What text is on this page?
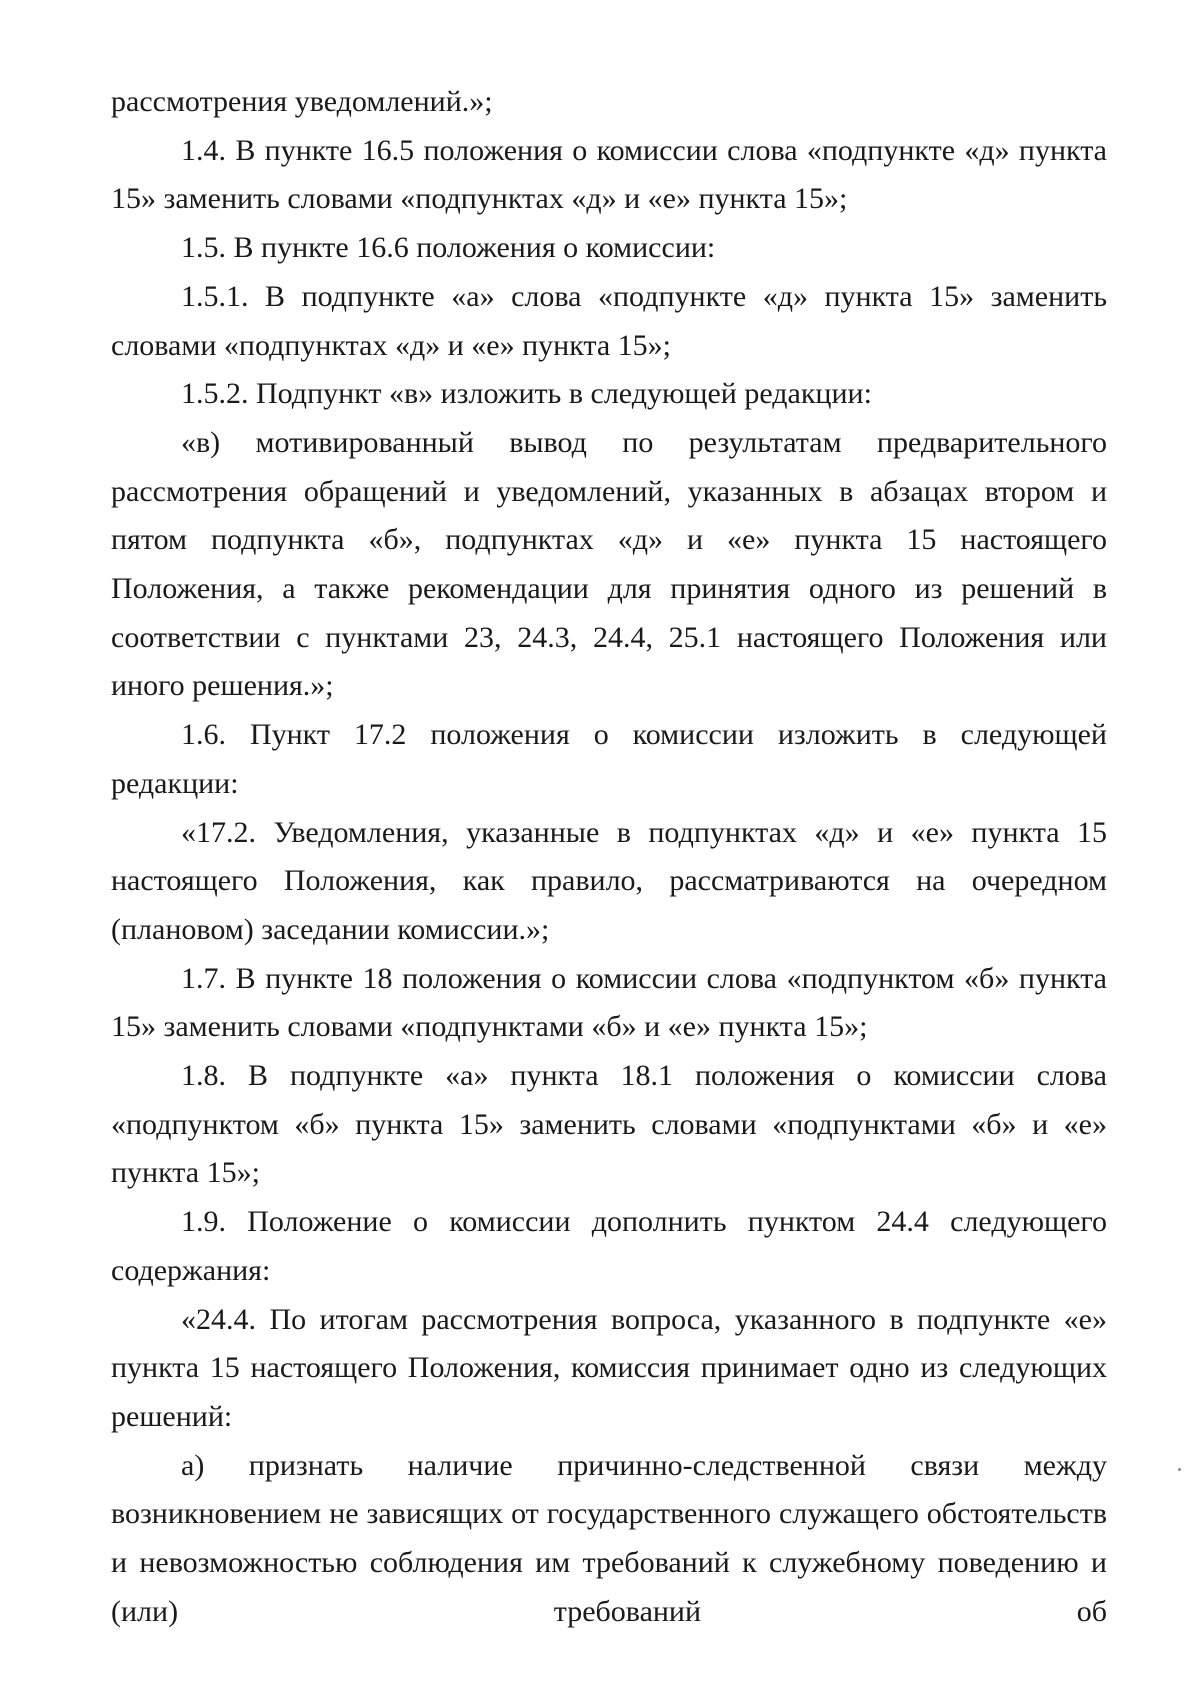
рассмотрения уведомлений.»;

1.4. В пункте 16.5 положения о комиссии слова «подпункте «д» пункта 15» заменить словами «подпунктах «д» и «е» пункта 15»;

1.5. В пункте 16.6 положения о комиссии:

1.5.1. В подпункте «а» слова «подпункте «д» пункта 15» заменить словами «подпунктах «д» и «е» пункта 15»;

1.5.2. Подпункт «в» изложить в следующей редакции:

«в) мотивированный вывод по результатам предварительного рассмотрения обращений и уведомлений, указанных в абзацах втором и пятом подпункта «б», подпунктах «д» и «е» пункта 15 настоящего Положения, а также рекомендации для принятия одного из решений в соответствии с пунктами 23, 24.3, 24.4, 25.1 настоящего Положения или иного решения.»;

1.6. Пункт 17.2 положения о комиссии изложить в следующей редакции:

«17.2. Уведомления, указанные в подпунктах «д» и «е» пункта 15 настоящего Положения, как правило, рассматриваются на очередном (плановом) заседании комиссии.»;

1.7. В пункте 18 положения о комиссии слова «подпунктом «б» пункта 15» заменить словами «подпунктами «б» и «е» пункта 15»;

1.8. В подпункте «а» пункта 18.1 положения о комиссии слова «подпунктом «б» пункта 15» заменить словами «подпунктами «б» и «е» пункта 15»;

1.9. Положение о комиссии дополнить пунктом 24.4 следующего содержания:

«24.4. По итогам рассмотрения вопроса, указанного в подпункте «е» пункта 15 настоящего Положения, комиссия принимает одно из следующих решений:

а) признать наличие причинно-следственной связи между возникновением не зависящих от государственного служащего обстоятельств и невозможностью соблюдения им требований к служебному поведению и (или) требований об
